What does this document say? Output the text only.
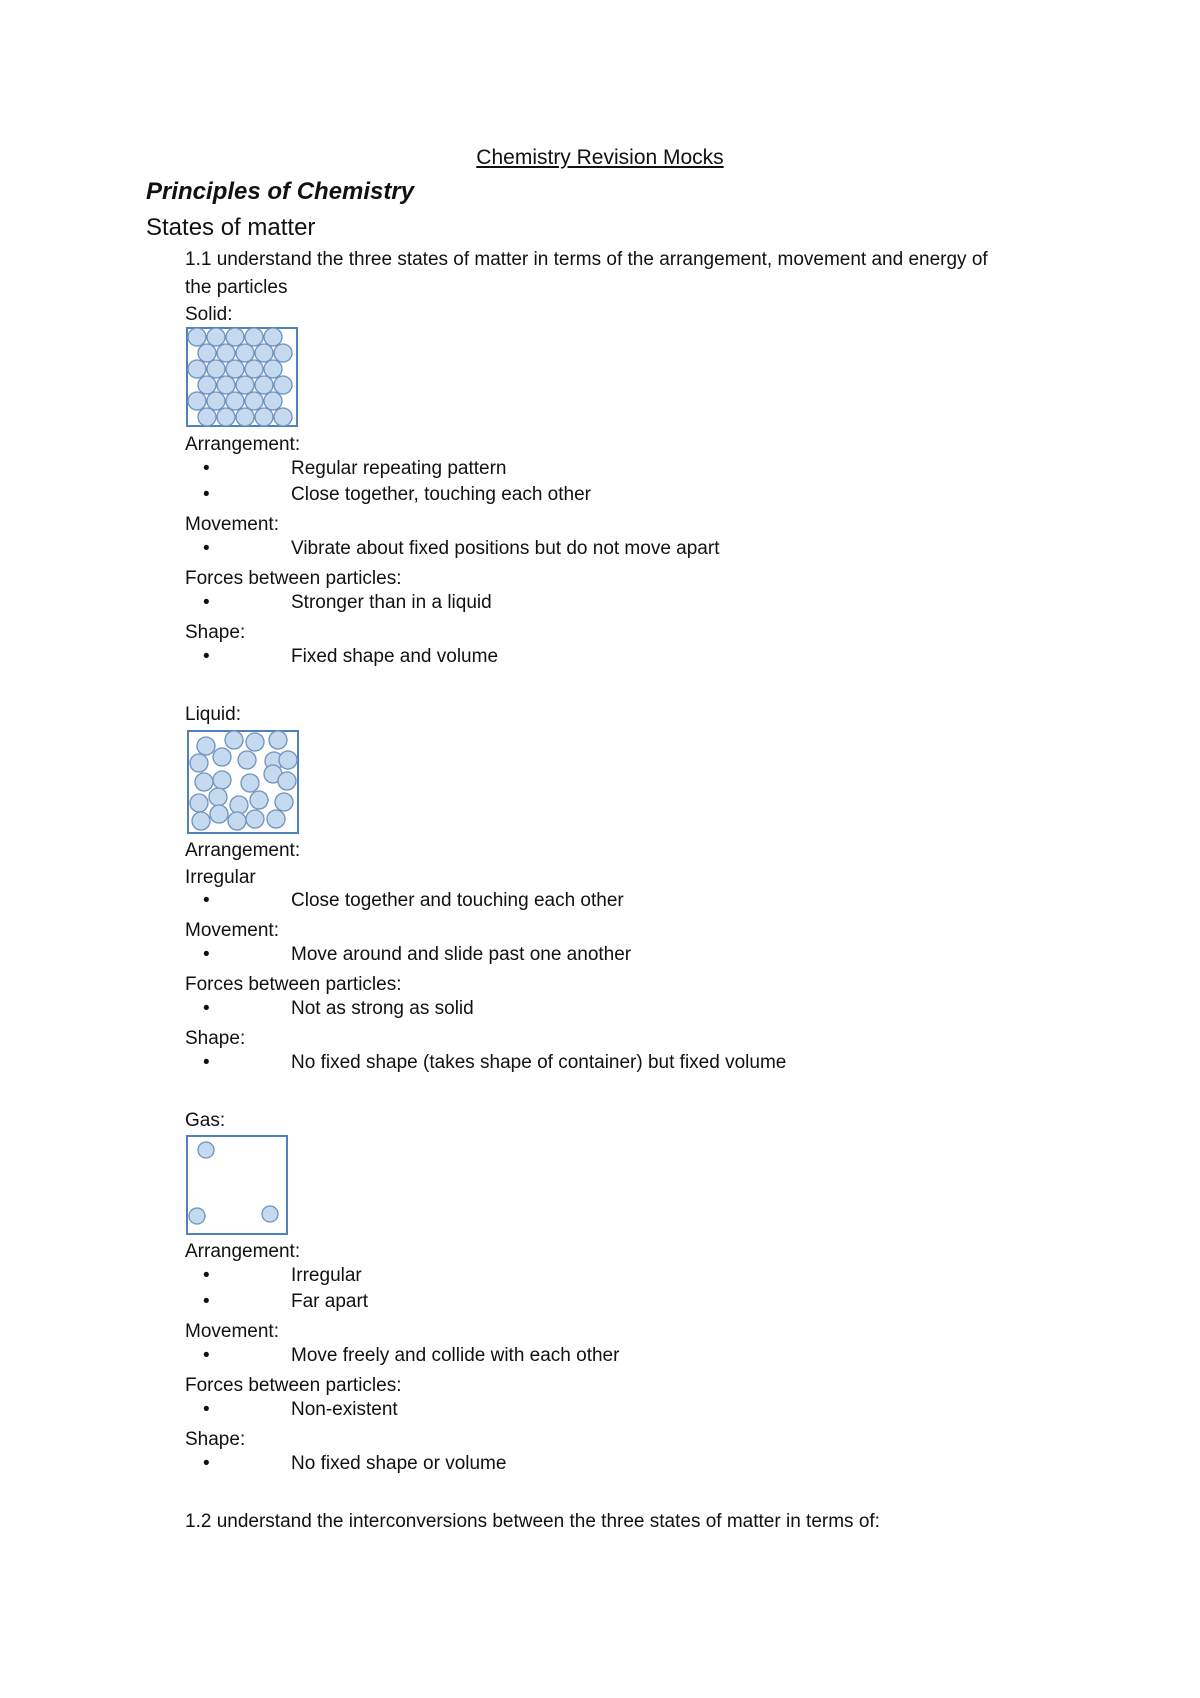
Chemistry Revision Mocks
Principles of Chemistry
States of matter
1.1 understand the three states of matter in terms of the arrangement, movement and energy of
the particles
Solid:
Arrangement:
•	Regular repeating pattern
•	Close together, touching each other
Movement:
•	Vibrate about fixed positions but do not move apart
Forces between particles:
•	Stronger than in a liquid
Shape:
•	Fixed shape and volume
Liquid:
Arrangement:
Irregular
•	Close together and touching each other
Movement:
•	Move around and slide past one another
Forces between particles:
•	Not as strong as solid
Shape:
•	No fixed shape (takes shape of container) but fixed volume
Gas:
Arrangement:
•	Irregular
•	Far apart
Movement:
•	Move freely and collide with each other
Forces between particles:
•	Non-existent
Shape:
•	No fixed shape or volume
1.2 understand the interconversions between the three states of matter in terms of:
